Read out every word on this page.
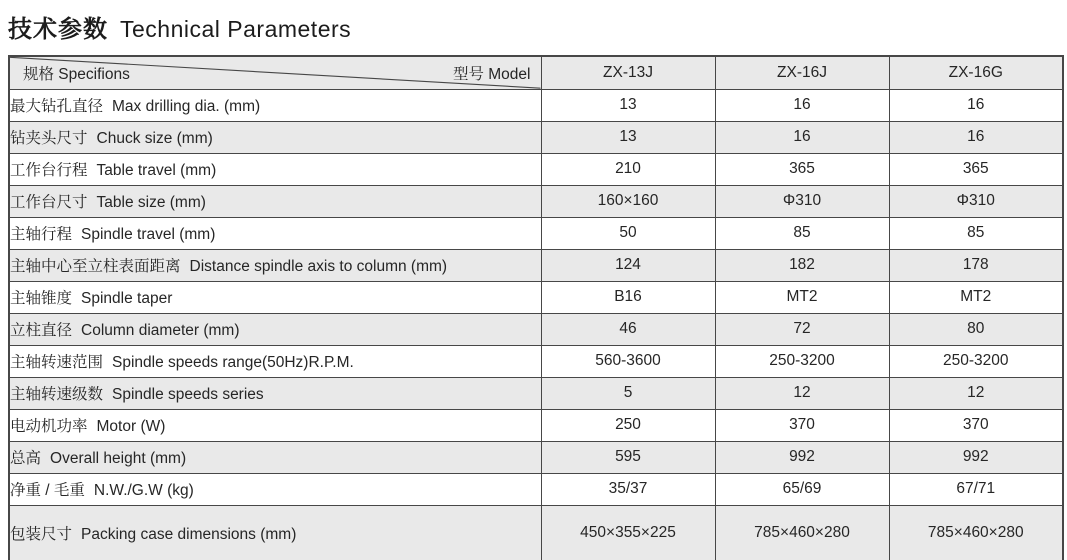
技术参数 Technical Parameters
规格 Specifions 型号 Model	ZX-13J	ZX-16J	ZX-16G
最大钻孔直径 Max drilling dia. (mm)	13	16	16
钻夹头尺寸 Chuck size (mm)	13	16	16
工作台行程 Table travel (mm)	210	365	365
工作台尺寸 Table size (mm)	160×160	Φ310	Φ310
主轴行程 Spindle travel (mm)	50	85	85
主轴中心至立柱表面距离 Distance spindle axis to column (mm)	124	182	178
主轴锥度 Spindle taper	B16	MT2	MT2
立柱直径 Column diameter (mm)	46	72	80
主轴转速范围 Spindle speeds range(50Hz)R.P.M.	560-3600	250-3200	250-3200
主轴转速级数 Spindle speeds series	5	12	12
电动机功率 Motor (W)	250	370	370
总高 Overall height (mm)	595	992	992
净重 / 毛重 N.W./G.W (kg)	35/37	65/69	67/71
包装尺寸 Packing case dimensions (mm)	450×355×225	785×460×280	785×460×280
